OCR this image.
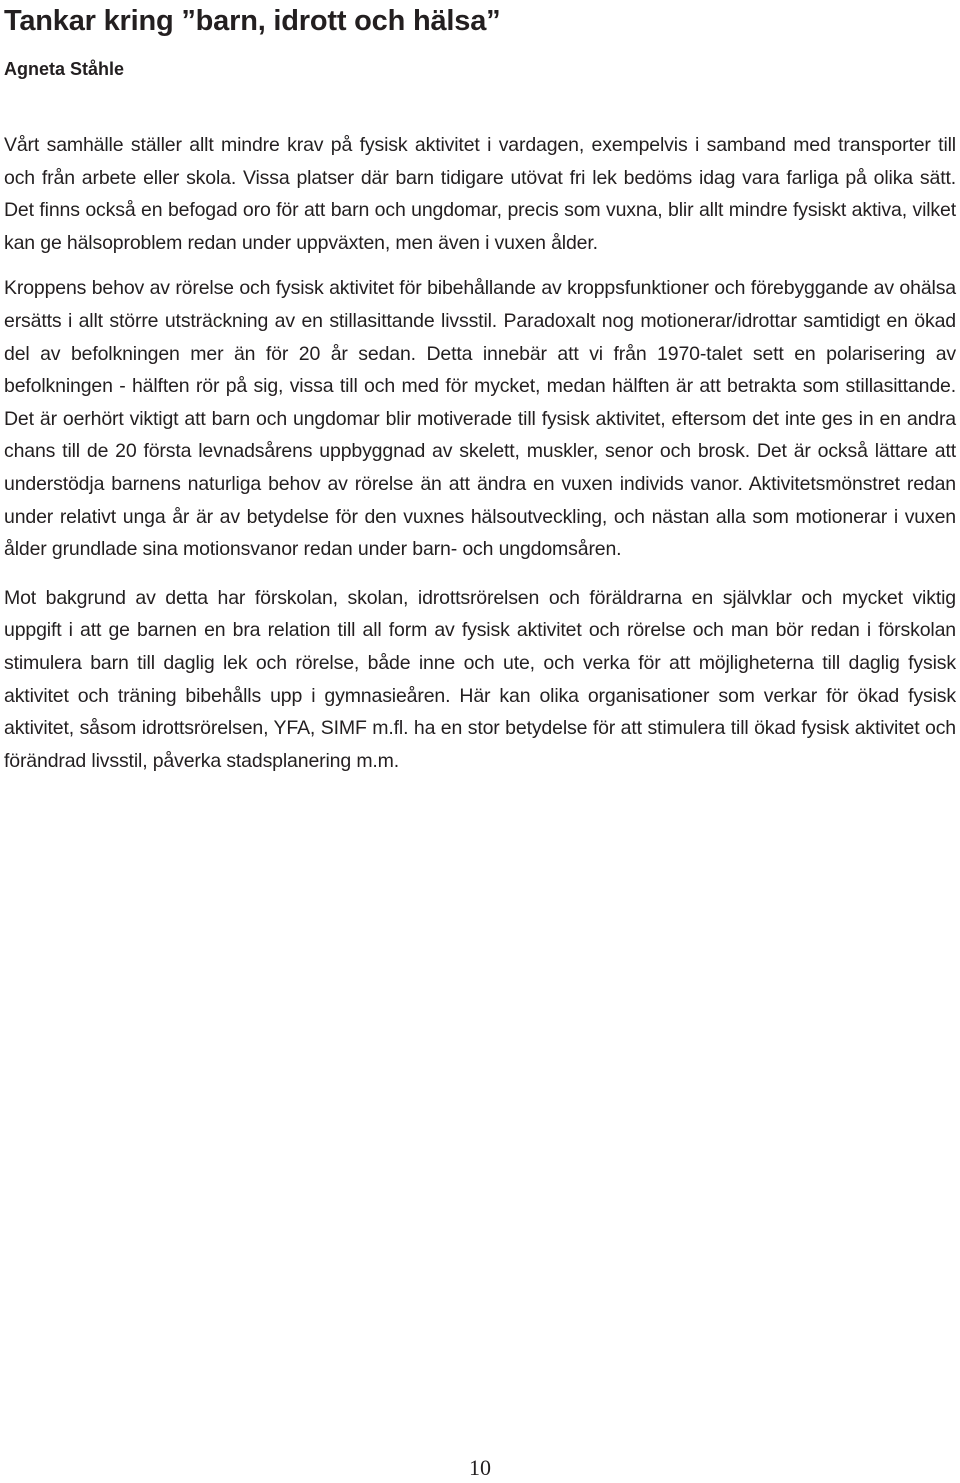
Tankar kring ”barn, idrott och hälsa”
Agneta Ståhle

Vårt samhälle ställer allt mindre krav på fysisk aktivitet i vardagen, exempelvis i samband med transporter till och från arbete eller skola. Vissa platser där barn tidigare utövat fri lek bedöms idag vara farliga på olika sätt. Det finns också en befogad oro för att barn och ungdomar, precis som vuxna, blir allt mindre fysiskt aktiva, vilket kan ge hälsoproblem redan under uppväxten, men även i vuxen ålder.

Kroppens behov av rörelse och fysisk aktivitet för bibehållande av kroppsfunktioner och förebyggande av ohälsa ersätts i allt större utsträckning av en stillasittande livsstil. Paradoxalt nog motionerar/idrottar samtidigt en ökad del av befolkningen mer än för 20 år sedan. Detta innebär att vi från 1970-talet sett en polarisering av befolkningen - hälften rör på sig, vissa till och med för mycket, medan hälften är att betrakta som stillasittande. Det är oerhört viktigt att barn och ungdomar blir motiverade till fysisk aktivitet, eftersom det inte ges in en andra chans till de 20 första levnadsårens uppbyggnad av skelett, muskler, senor och brosk. Det är också lättare att understödja barnens naturliga behov av rörelse än att ändra en vuxen individs vanor. Aktivitetsmönstret redan under relativt unga år är av betydelse för den vuxnes hälsoutveckling, och nästan alla som motionerar i vuxen ålder grundlade sina motionsvanor redan under barn- och ungdomsåren.

Mot bakgrund av detta har förskolan, skolan, idrottsrörelsen och föräldrarna en självklar och mycket viktig uppgift i att ge barnen en bra relation till all form av fysisk aktivitet och rörelse och man bör redan i förskolan stimulera barn till daglig lek och rörelse, både inne och ute, och verka för att möjligheterna till daglig fysisk aktivitet och träning bibehålls upp i gymnasieåren. Här kan olika organisationer som verkar för ökad fysisk aktivitet, såsom idrottsrörelsen, YFA, SIMF m.fl. ha en stor betydelse för att stimulera till ökad fysisk aktivitet och förändrad livsstil, påverka stadsplanering m.m.

10
